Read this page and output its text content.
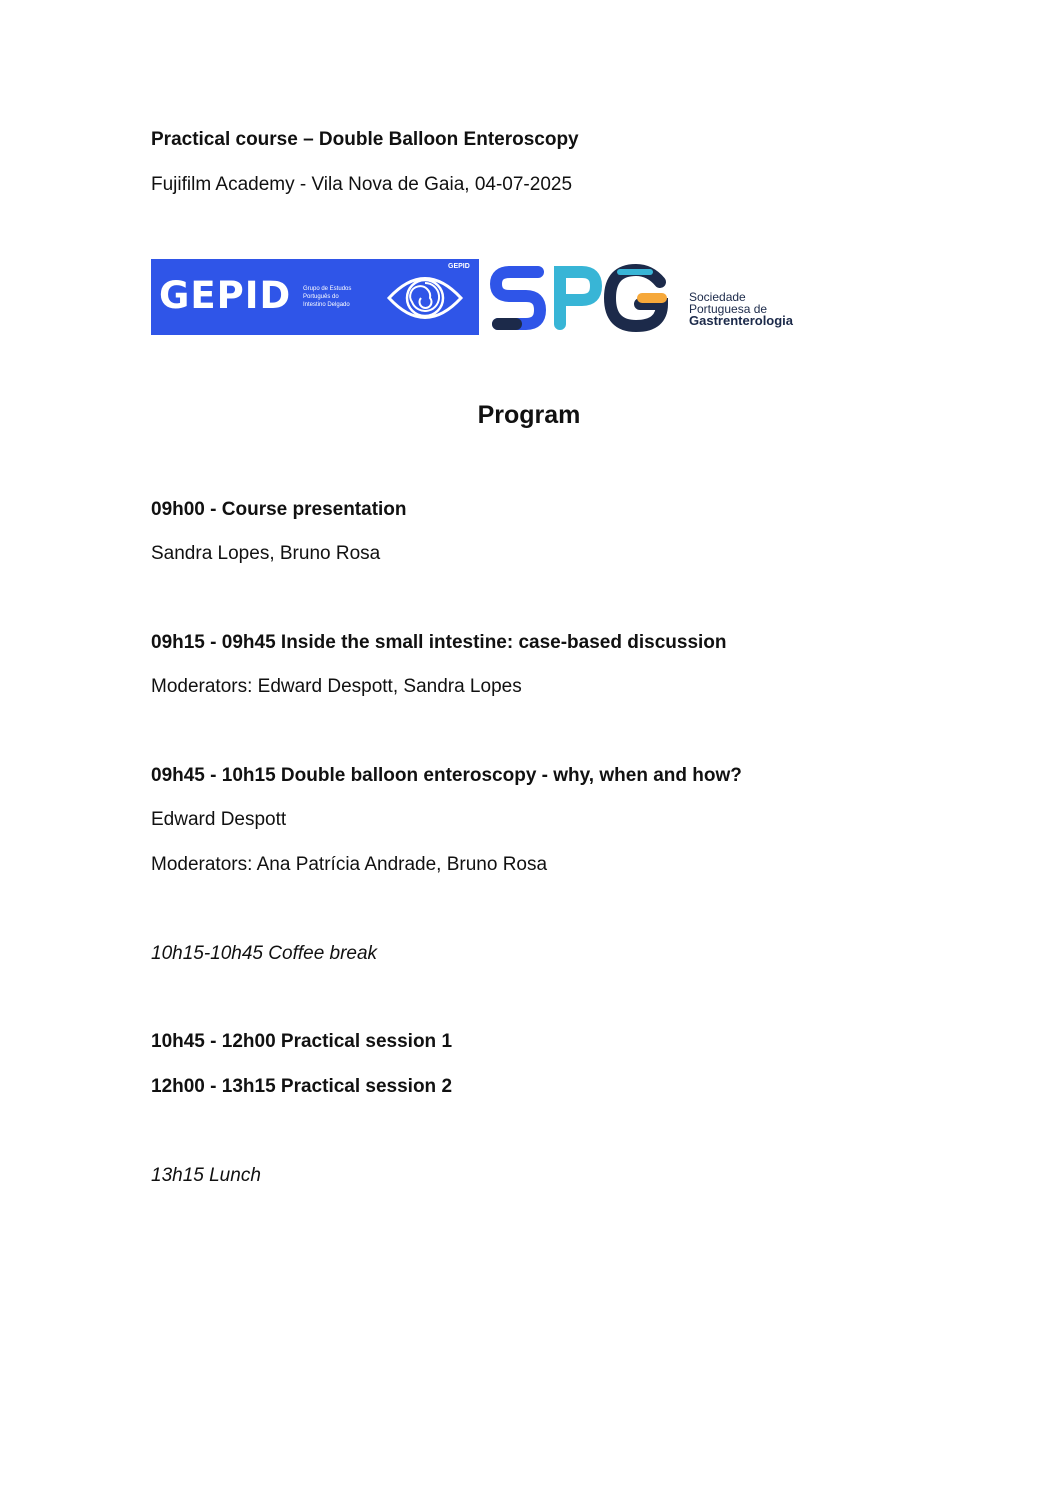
Practical course – Double Balloon Enteroscopy
Fujifilm Academy - Vila Nova de Gaia, 04-07-2025
GEPID Grupo de Estudos Português do Intestino Delgado
GEPID
Sociedade
Portuguesa de
Gastrenterologia
Program
09h00 - Course presentation
Sandra Lopes, Bruno Rosa
09h15 - 09h45 Inside the small intestine: case-based discussion
Moderators: Edward Despott, Sandra Lopes
09h45 - 10h15 Double balloon enteroscopy - why, when and how?
Edward Despott
Moderators: Ana Patrícia Andrade, Bruno Rosa
10h15-10h45 Coffee break
10h45 - 12h00 Practical session 1
12h00 - 13h15 Practical session 2
13h15 Lunch
